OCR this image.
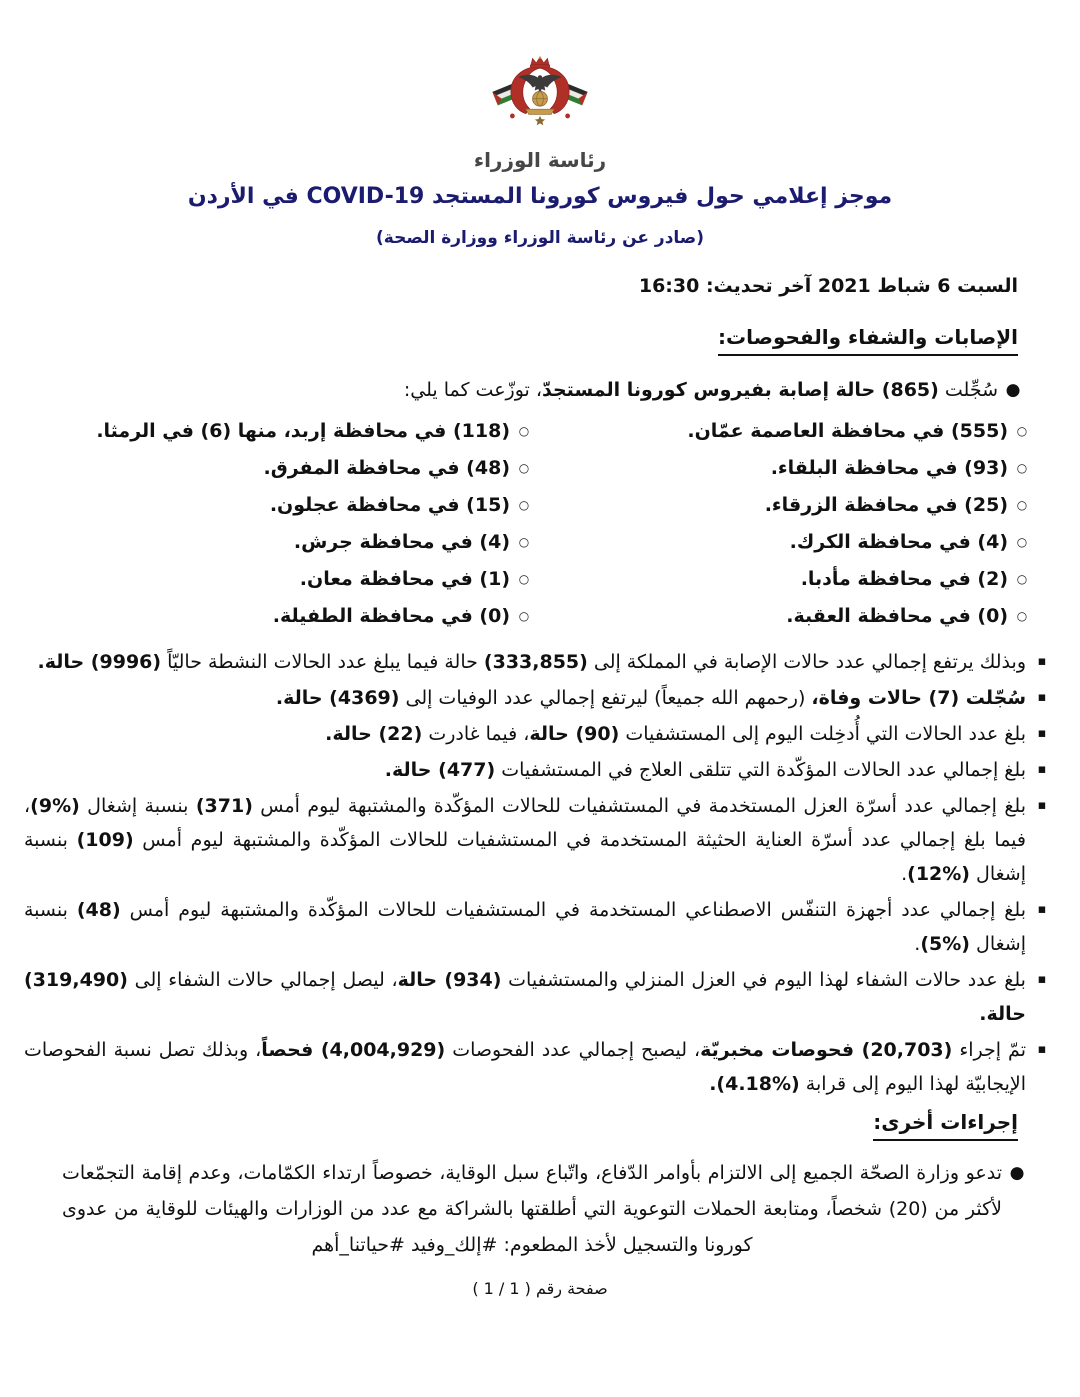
رئاسة الوزراء
موجز إعلامي حول فيروس كورونا المستجد COVID-19 في الأردن
(صادر عن رئاسة الوزراء ووزارة الصحة)
السبت 6 شباط 2021 آخر تحديث: 16:30
الإصابات والشفاء والفحوصات:
●
سُجِّلت (865) حالة إصابة بفيروس كورونا المستجدّ، توزّعت كما يلي:
○
(555) في محافظة العاصمة عمّان.
○
(118) في محافظة إربد، منها (6) في الرمثا.
○
(93) في محافظة البلقاء.
○
(48) في محافظة المفرق.
○
(25) في محافظة الزرقاء.
○
(15) في محافظة عجلون.
○
(4) في محافظة الكرك.
○
(4) في محافظة جرش.
○
(2) في محافظة مأدبا.
○
(1) في محافظة معان.
○
(0) في محافظة العقبة.
○
(0) في محافظة الطفيلة.
▪
وبذلك يرتفع إجمالي عدد حالات الإصابة في المملكة إلى (333,855) حالة فيما يبلغ عدد الحالات النشطة حاليّاً (9996) حالة.
▪
سُجّلت (7) حالات وفاة، (رحمهم الله جميعاً) ليرتفع إجمالي عدد الوفيات إلى (4369) حالة.
▪
بلغ عدد الحالات التي أُدخِلت اليوم إلى المستشفيات (90) حالة، فيما غادرت (22) حالة.
▪
بلغ إجمالي عدد الحالات المؤكّدة التي تتلقى العلاج في المستشفيات (477) حالة.
▪
بلغ إجمالي عدد أسرّة العزل المستخدمة في المستشفيات للحالات المؤكّدة والمشتبهة ليوم أمس (371) بنسبة إشغال (%9)، فيما بلغ إجمالي عدد أسرّة العناية الحثيثة المستخدمة في المستشفيات للحالات المؤكّدة والمشتبهة ليوم أمس (109) بنسبة إشغال (%12).
▪
بلغ إجمالي عدد أجهزة التنفّس الاصطناعي المستخدمة في المستشفيات للحالات المؤكّدة والمشتبهة ليوم أمس (48) بنسبة إشغال (%5).
▪
بلغ عدد حالات الشفاء لهذا اليوم في العزل المنزلي والمستشفيات (934) حالة، ليصل إجمالي حالات الشفاء إلى (319,490) حالة.
▪
تمّ إجراء (20,703) فحوصات مخبريّة، ليصبح إجمالي عدد الفحوصات (4,004,929) فحصاً، وبذلك تصل نسبة الفحوصات الإيجابيّة لهذا اليوم إلى قرابة (%4.18).
إجراءات أخرى:
●
تدعو وزارة الصحّة الجميع إلى الالتزام بأوامر الدّفاع، واتّباع سبل الوقاية، خصوصاً ارتداء الكمّامات، وعدم إقامة التجمّعات لأكثر من (20) شخصاً، ومتابعة الحملات التوعوية التي أطلقتها بالشراكة مع عدد من الوزارات والهيئات للوقاية من عدوى كورونا والتسجيل لأخذ المطعوم: #إلك_وفيد #حياتنا_أهم
صفحة رقم ( 1 / 1 )
